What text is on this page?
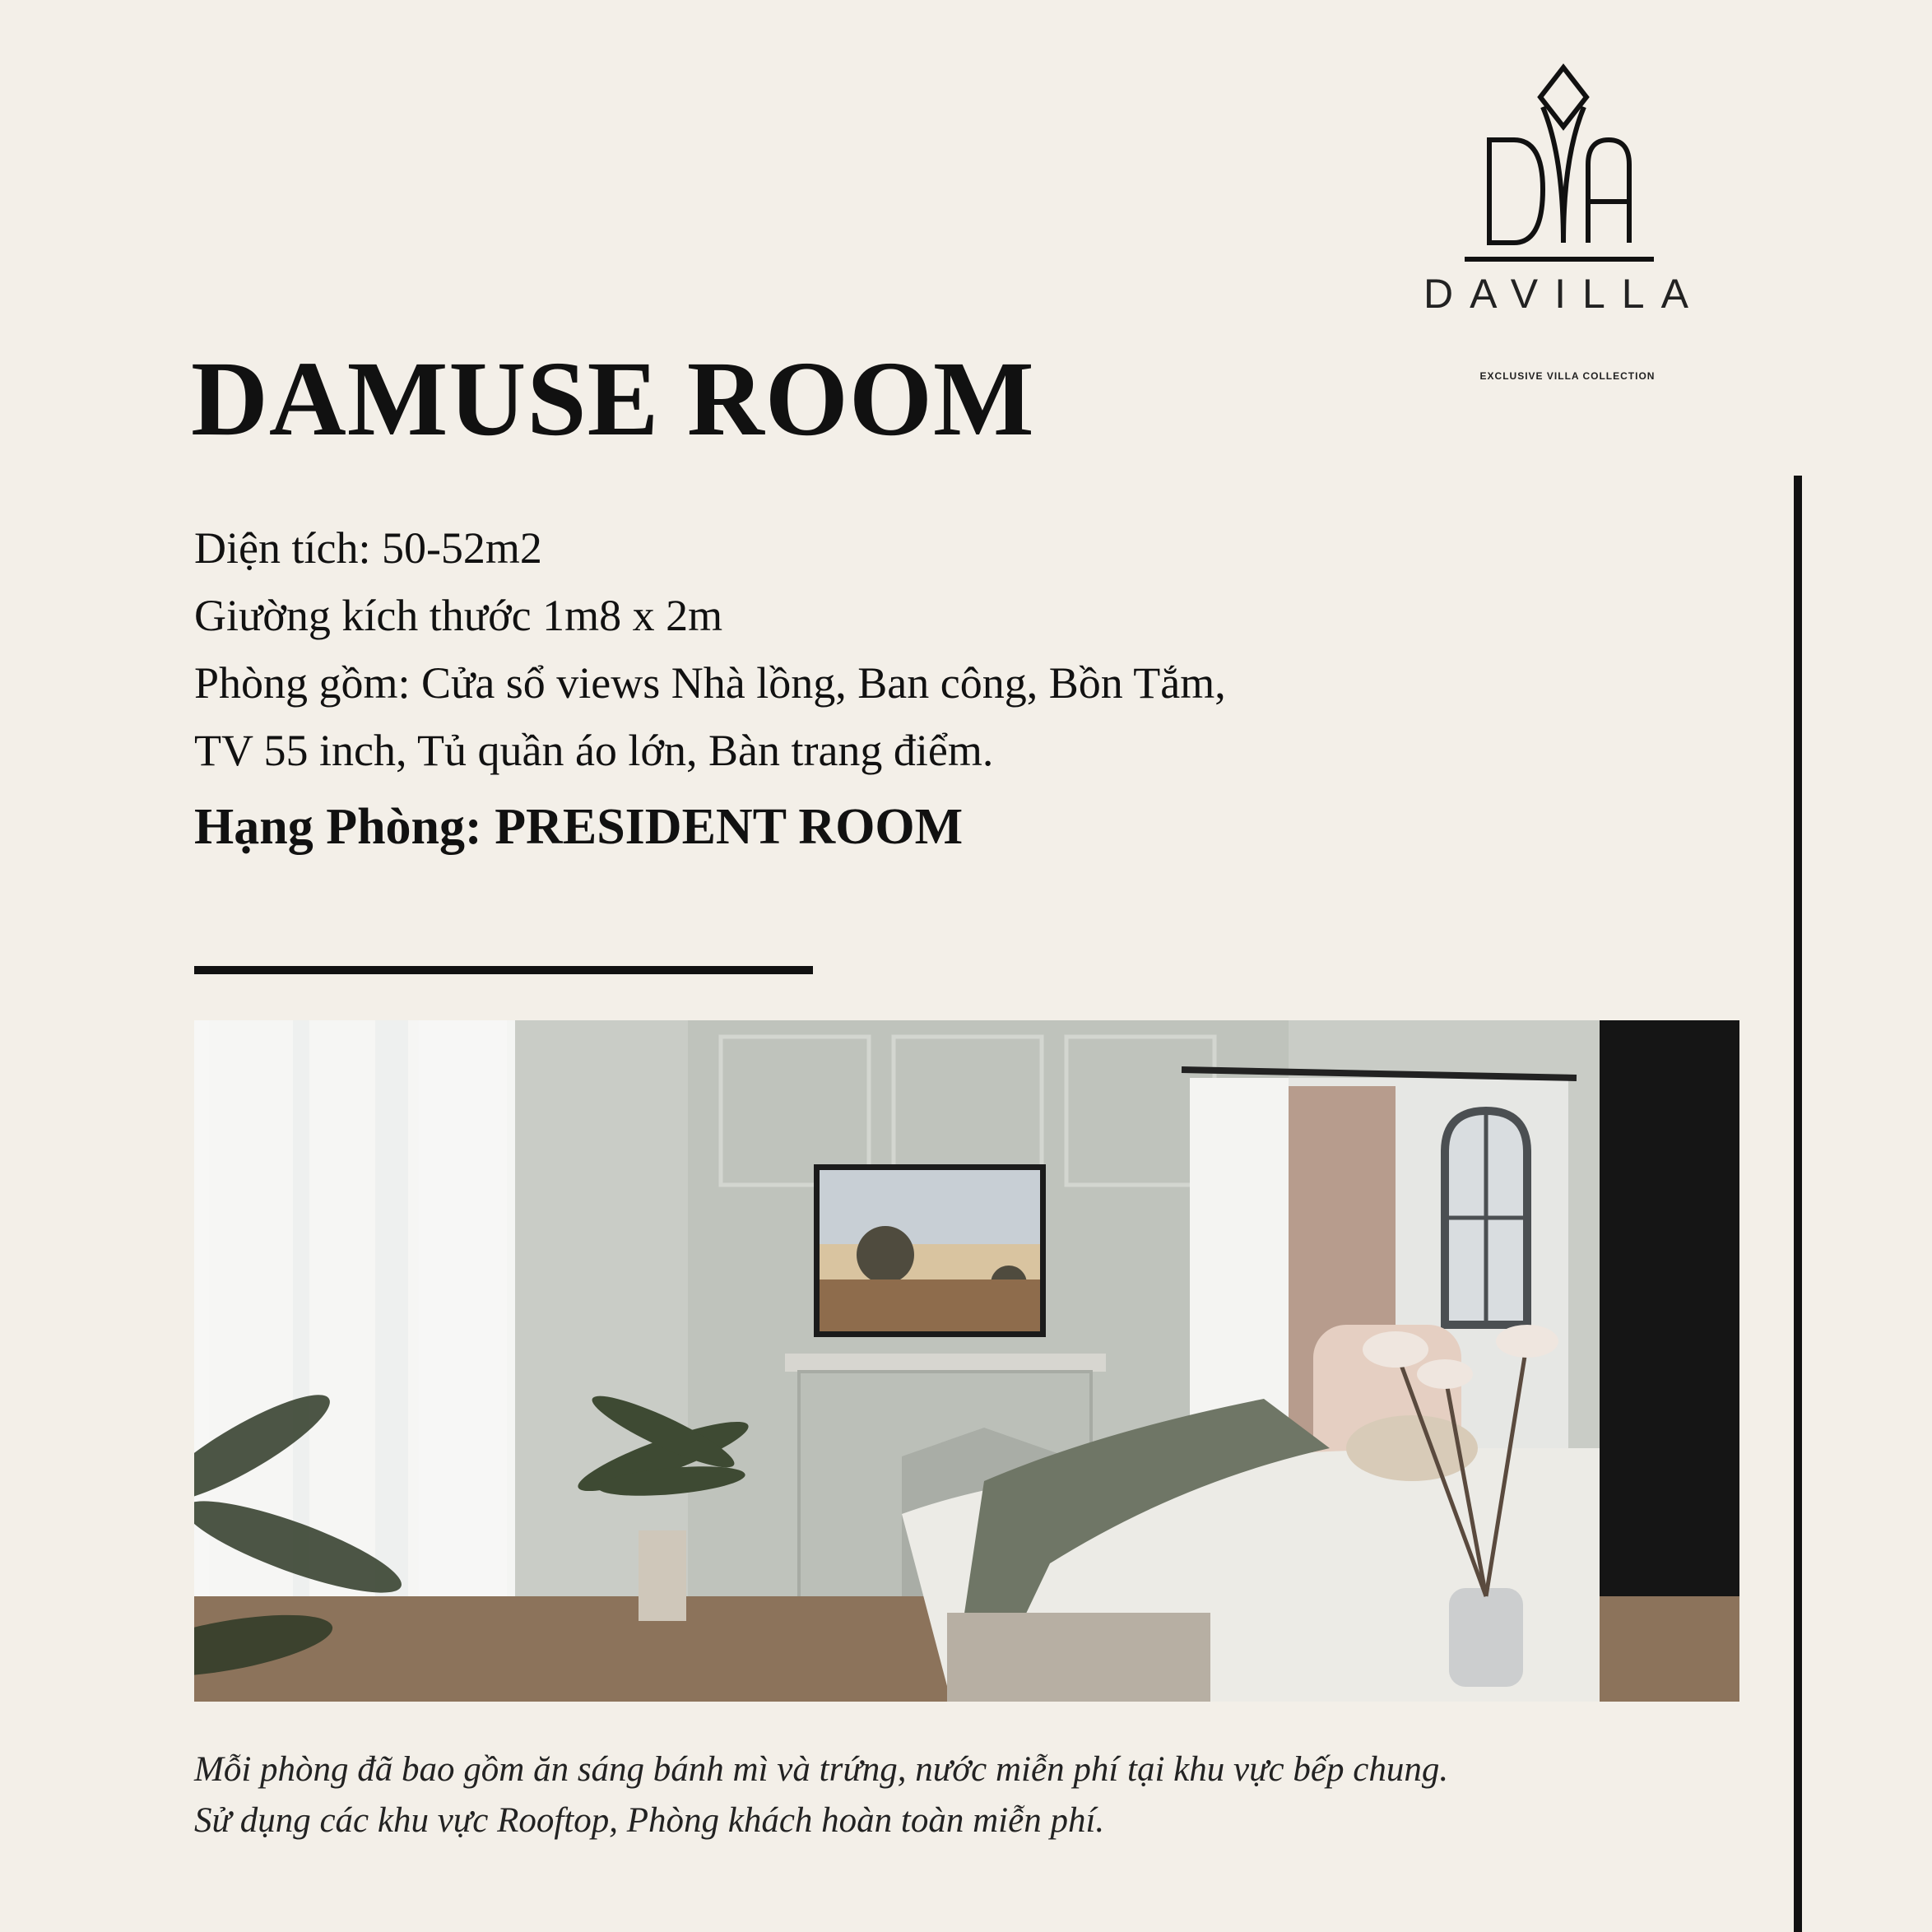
DAVILLA
EXCLUSIVE VILLA COLLECTION
DAMUSE ROOM
Diện tích: 50-52m2
Giường kích thước 1m8 x 2m
Phòng gồm: Cửa sổ views Nhà lồng, Ban công, Bồn Tắm,
TV 55 inch, Tủ quần áo lớn, Bàn trang điểm.
Hạng Phòng: PRESIDENT ROOM
Mỗi phòng đã bao gồm ăn sáng bánh mì và trứng, nước miễn phí tại khu vực bếp chung.
Sử dụng các khu vực Rooftop, Phòng khách hoàn toàn miễn phí.
